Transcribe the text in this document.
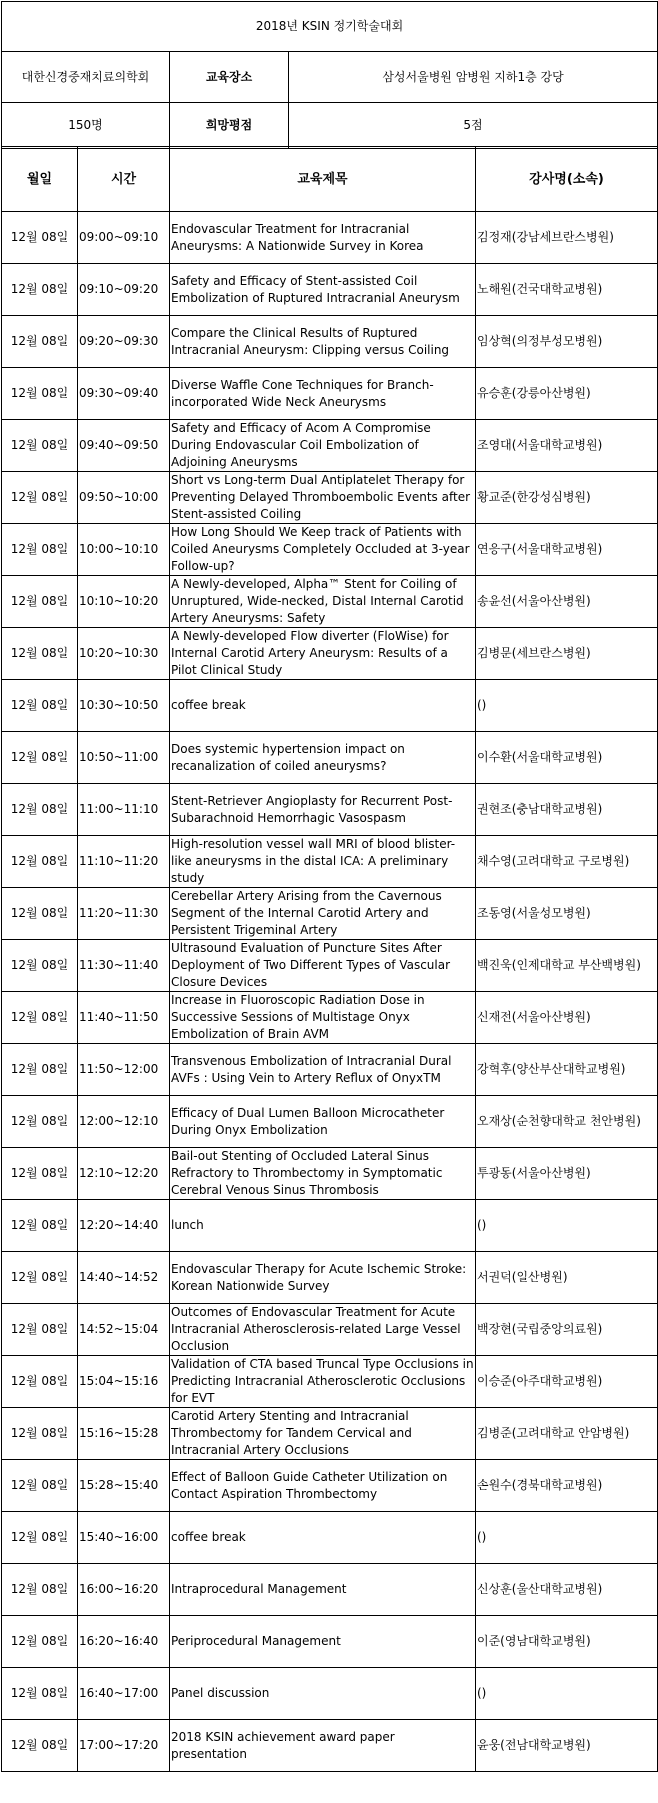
2018년 KSIN 정기학술대회		
대한신경중재치료의학회	교육장소	삼성서울병원 암병원 지하1층 강당
150명	희망평점	5점
월일	시간	교육제목	강사명(소속)
12월 08일	09:00~09:10	Endovascular Treatment for Intracranial Aneurysms: A Nationwide Survey in Korea	김정재(강남세브란스병원)
12월 08일	09:10~09:20	Safety and Efficacy of Stent-assisted Coil Embolization of Ruptured Intracranial Aneurysm	노해원(건국대학교병원)
12월 08일	09:20~09:30	Compare the Clinical Results of Ruptured Intracranial Aneurysm: Clipping versus Coiling	임상혁(의정부성모병원)
12월 08일	09:30~09:40	Diverse Waffle Cone Techniques for Branch-incorporated Wide Neck Aneurysms	유승훈(강릉아산병원)
12월 08일	09:40~09:50	Safety and Efficacy of Acom A Compromise During Endovascular Coil Embolization of Adjoining Aneurysms	조영대(서울대학교병원)
12월 08일	09:50~10:00	Short vs Long-term Dual Antiplatelet Therapy for Preventing Delayed Thromboembolic Events after Stent-assisted Coiling	황교준(한강성심병원)
12월 08일	10:00~10:10	How Long Should We Keep track of Patients with Coiled Aneurysms Completely Occluded at 3-year Follow-up?	연응구(서울대학교병원)
12월 08일	10:10~10:20	A Newly-developed, Alpha™ Stent for Coiling of Unruptured, Wide-necked, Distal Internal Carotid Artery Aneurysms: Safety	송윤선(서울아산병원)
12월 08일	10:20~10:30	A Newly-developed Flow diverter (FloWise) for Internal Carotid Artery Aneurysm: Results of a Pilot Clinical Study	김병문(세브란스병원)
12월 08일	10:30~10:50	coffee break	()
12월 08일	10:50~11:00	Does systemic hypertension impact on recanalization of coiled aneurysms?	이수환(서울대학교병원)
12월 08일	11:00~11:10	Stent-Retriever Angioplasty for Recurrent Post-Subarachnoid Hemorrhagic Vasospasm	권현조(충남대학교병원)
12월 08일	11:10~11:20	High-resolution vessel wall MRI of blood blister-like aneurysms in the distal ICA: A preliminary study	채수영(고려대학교 구로병원)
12월 08일	11:20~11:30	Cerebellar Artery Arising from the Cavernous Segment of the Internal Carotid Artery and Persistent Trigeminal Artery	조동영(서울성모병원)
12월 08일	11:30~11:40	Ultrasound Evaluation of Puncture Sites After Deployment of Two Different Types of Vascular Closure Devices	백진욱(인제대학교 부산백병원)
12월 08일	11:40~11:50	Increase in Fluoroscopic Radiation Dose in Successive Sessions of Multistage Onyx Embolization of Brain AVM	신재전(서울아산병원)
12월 08일	11:50~12:00	Transvenous Embolization of Intracranial Dural AVFs : Using Vein to Artery Reflux of OnyxTM	강혁후(양산부산대학교병원)
12월 08일	12:00~12:10	Efficacy of Dual Lumen Balloon Microcatheter During Onyx Embolization	오재상(순천향대학교 천안병원)
12월 08일	12:10~12:20	Bail-out Stenting of Occluded Lateral Sinus Refractory to Thrombectomy in Symptomatic Cerebral Venous Sinus Thrombosis	투광동(서울아산병원)
12월 08일	12:20~14:40	lunch	()
12월 08일	14:40~14:52	Endovascular Therapy for Acute Ischemic Stroke: Korean Nationwide Survey	서권덕(일산병원)
12월 08일	14:52~15:04	Outcomes of Endovascular Treatment for Acute Intracranial Atherosclerosis-related Large Vessel Occlusion	백장현(국립중앙의료원)
12월 08일	15:04~15:16	Validation of CTA based Truncal Type Occlusions in Predicting Intracranial Atherosclerotic Occlusions for EVT	이승준(아주대학교병원)
12월 08일	15:16~15:28	Carotid Artery Stenting and Intracranial Thrombectomy for Tandem Cervical and Intracranial Artery Occlusions	김병준(고려대학교 안암병원)
12월 08일	15:28~15:40	Effect of Balloon Guide Catheter Utilization on Contact Aspiration Thrombectomy	손원수(경북대학교병원)
12월 08일	15:40~16:00	coffee break	()
12월 08일	16:00~16:20	Intraprocedural Management	신상훈(울산대학교병원)
12월 08일	16:20~16:40	Periprocedural Management	이준(영남대학교병원)
12월 08일	16:40~17:00	Panel discussion	()
12월 08일	17:00~17:20	2018 KSIN achievement award paper presentation	윤웅(전남대학교병원)
